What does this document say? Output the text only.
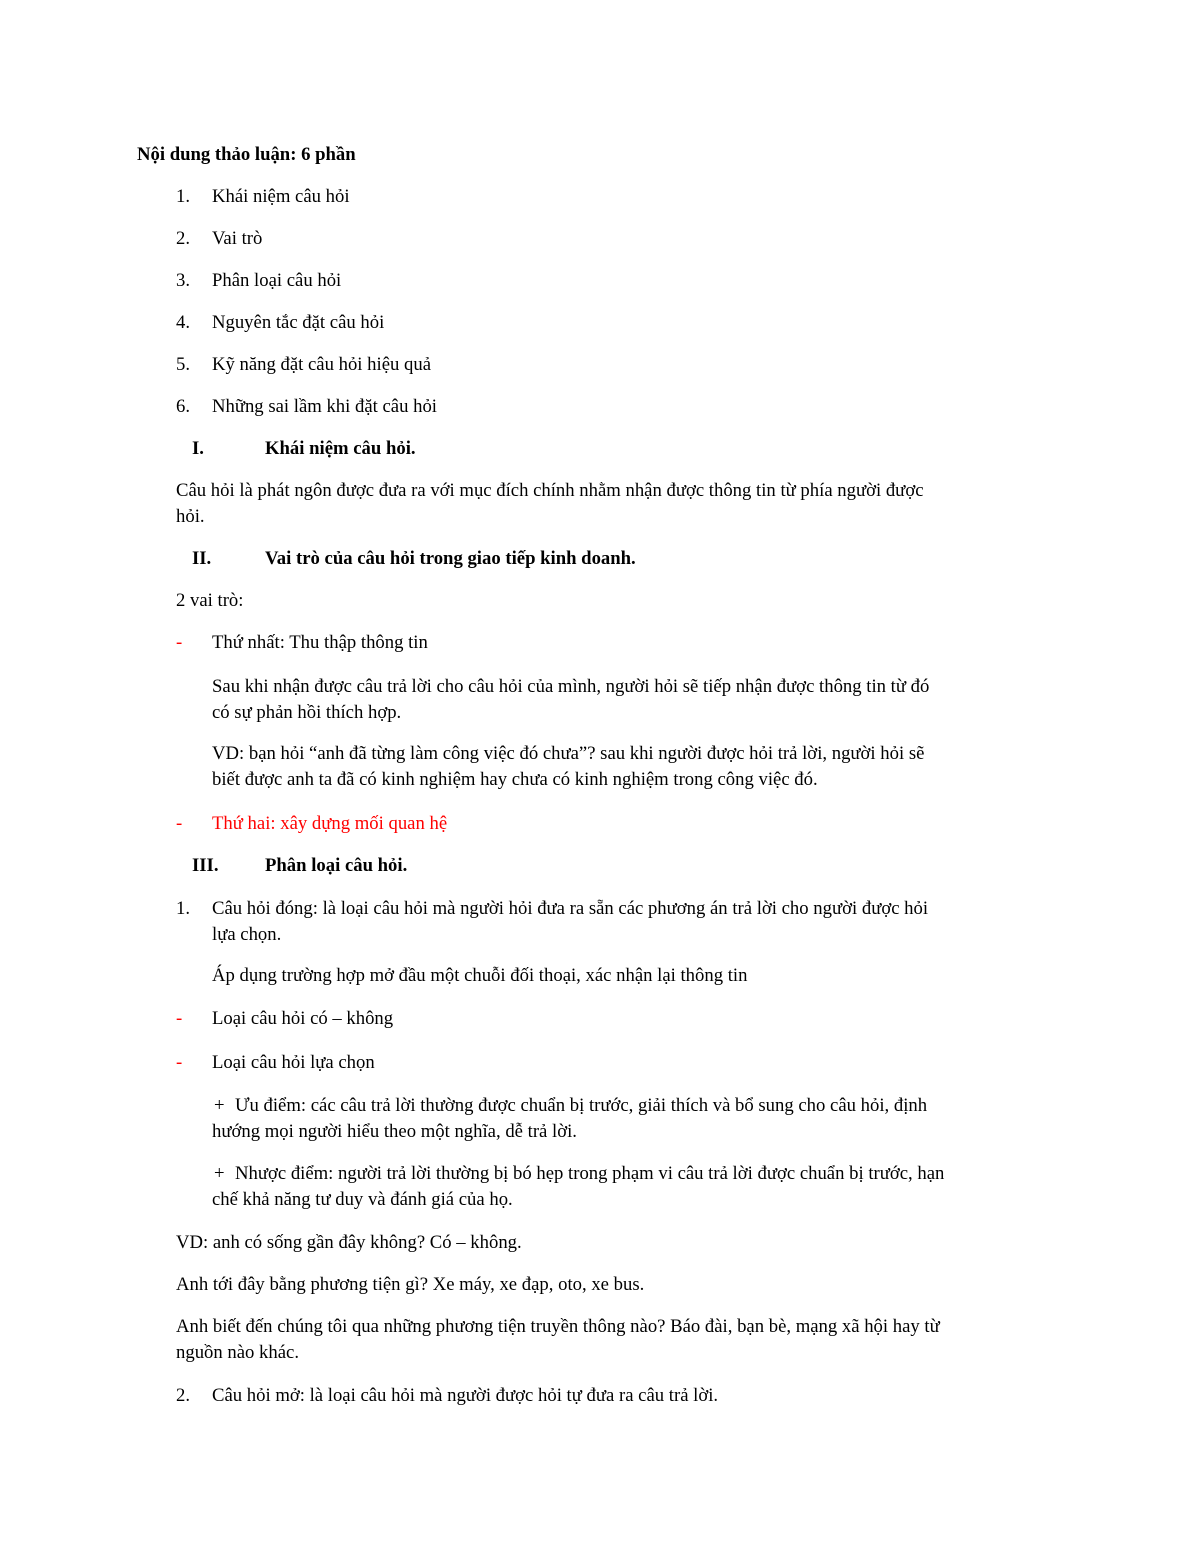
Nội dung thảo luận: 6 phần
1. Khái niệm câu hỏi
2. Vai trò
3. Phân loại câu hỏi
4. Nguyên tắc đặt câu hỏi
5. Kỹ năng đặt câu hỏi hiệu quả
6. Những sai lầm khi đặt câu hỏi
I.	Khái niệm câu hỏi.
Câu hỏi là phát ngôn được đưa ra với mục đích chính nhằm nhận được thông tin từ phía người được
hỏi.
II.	Vai trò của câu hỏi trong giao tiếp kinh doanh.
2 vai trò:
- Thứ nhất: Thu thập thông tin
Sau khi nhận được câu trả lời cho câu hỏi của mình, người hỏi sẽ tiếp nhận được thông tin từ đó
có sự phản hồi thích hợp.
VD: bạn hỏi “anh đã từng làm công việc đó chưa”? sau khi người được hỏi trả lời, người hỏi sẽ
biết được anh ta đã có kinh nghiệm hay chưa có kinh nghiệm trong công việc đó.
- Thứ hai: xây dựng mối quan hệ
III. Phân loại câu hỏi.
1. Câu hỏi đóng: là loại câu hỏi mà người hỏi đưa ra sẵn các phương án trả lời cho người được hỏi
lựa chọn.
Áp dụng trường hợp mở đầu một chuỗi đối thoại, xác nhận lại thông tin
- Loại câu hỏi có – không
- Loại câu hỏi lựa chọn
+ Ưu điểm: các câu trả lời thường được chuẩn bị trước, giải thích và bổ sung cho câu hỏi, định
hướng mọi người hiểu theo một nghĩa, dễ trả lời.
+ Nhược điểm: người trả lời thường bị bó hẹp trong phạm vi câu trả lời được chuẩn bị trước, hạn
chế khả năng tư duy và đánh giá của họ.
VD: anh có sống gần đây không? Có – không.
Anh tới đây bằng phương tiện gì? Xe máy, xe đạp, oto, xe bus.
Anh biết đến chúng tôi qua những phương tiện truyền thông nào? Báo đài, bạn bè, mạng xã hội hay từ
nguồn nào khác.
2. Câu hỏi mở: là loại câu hỏi mà người được hỏi tự đưa ra câu trả lời.
